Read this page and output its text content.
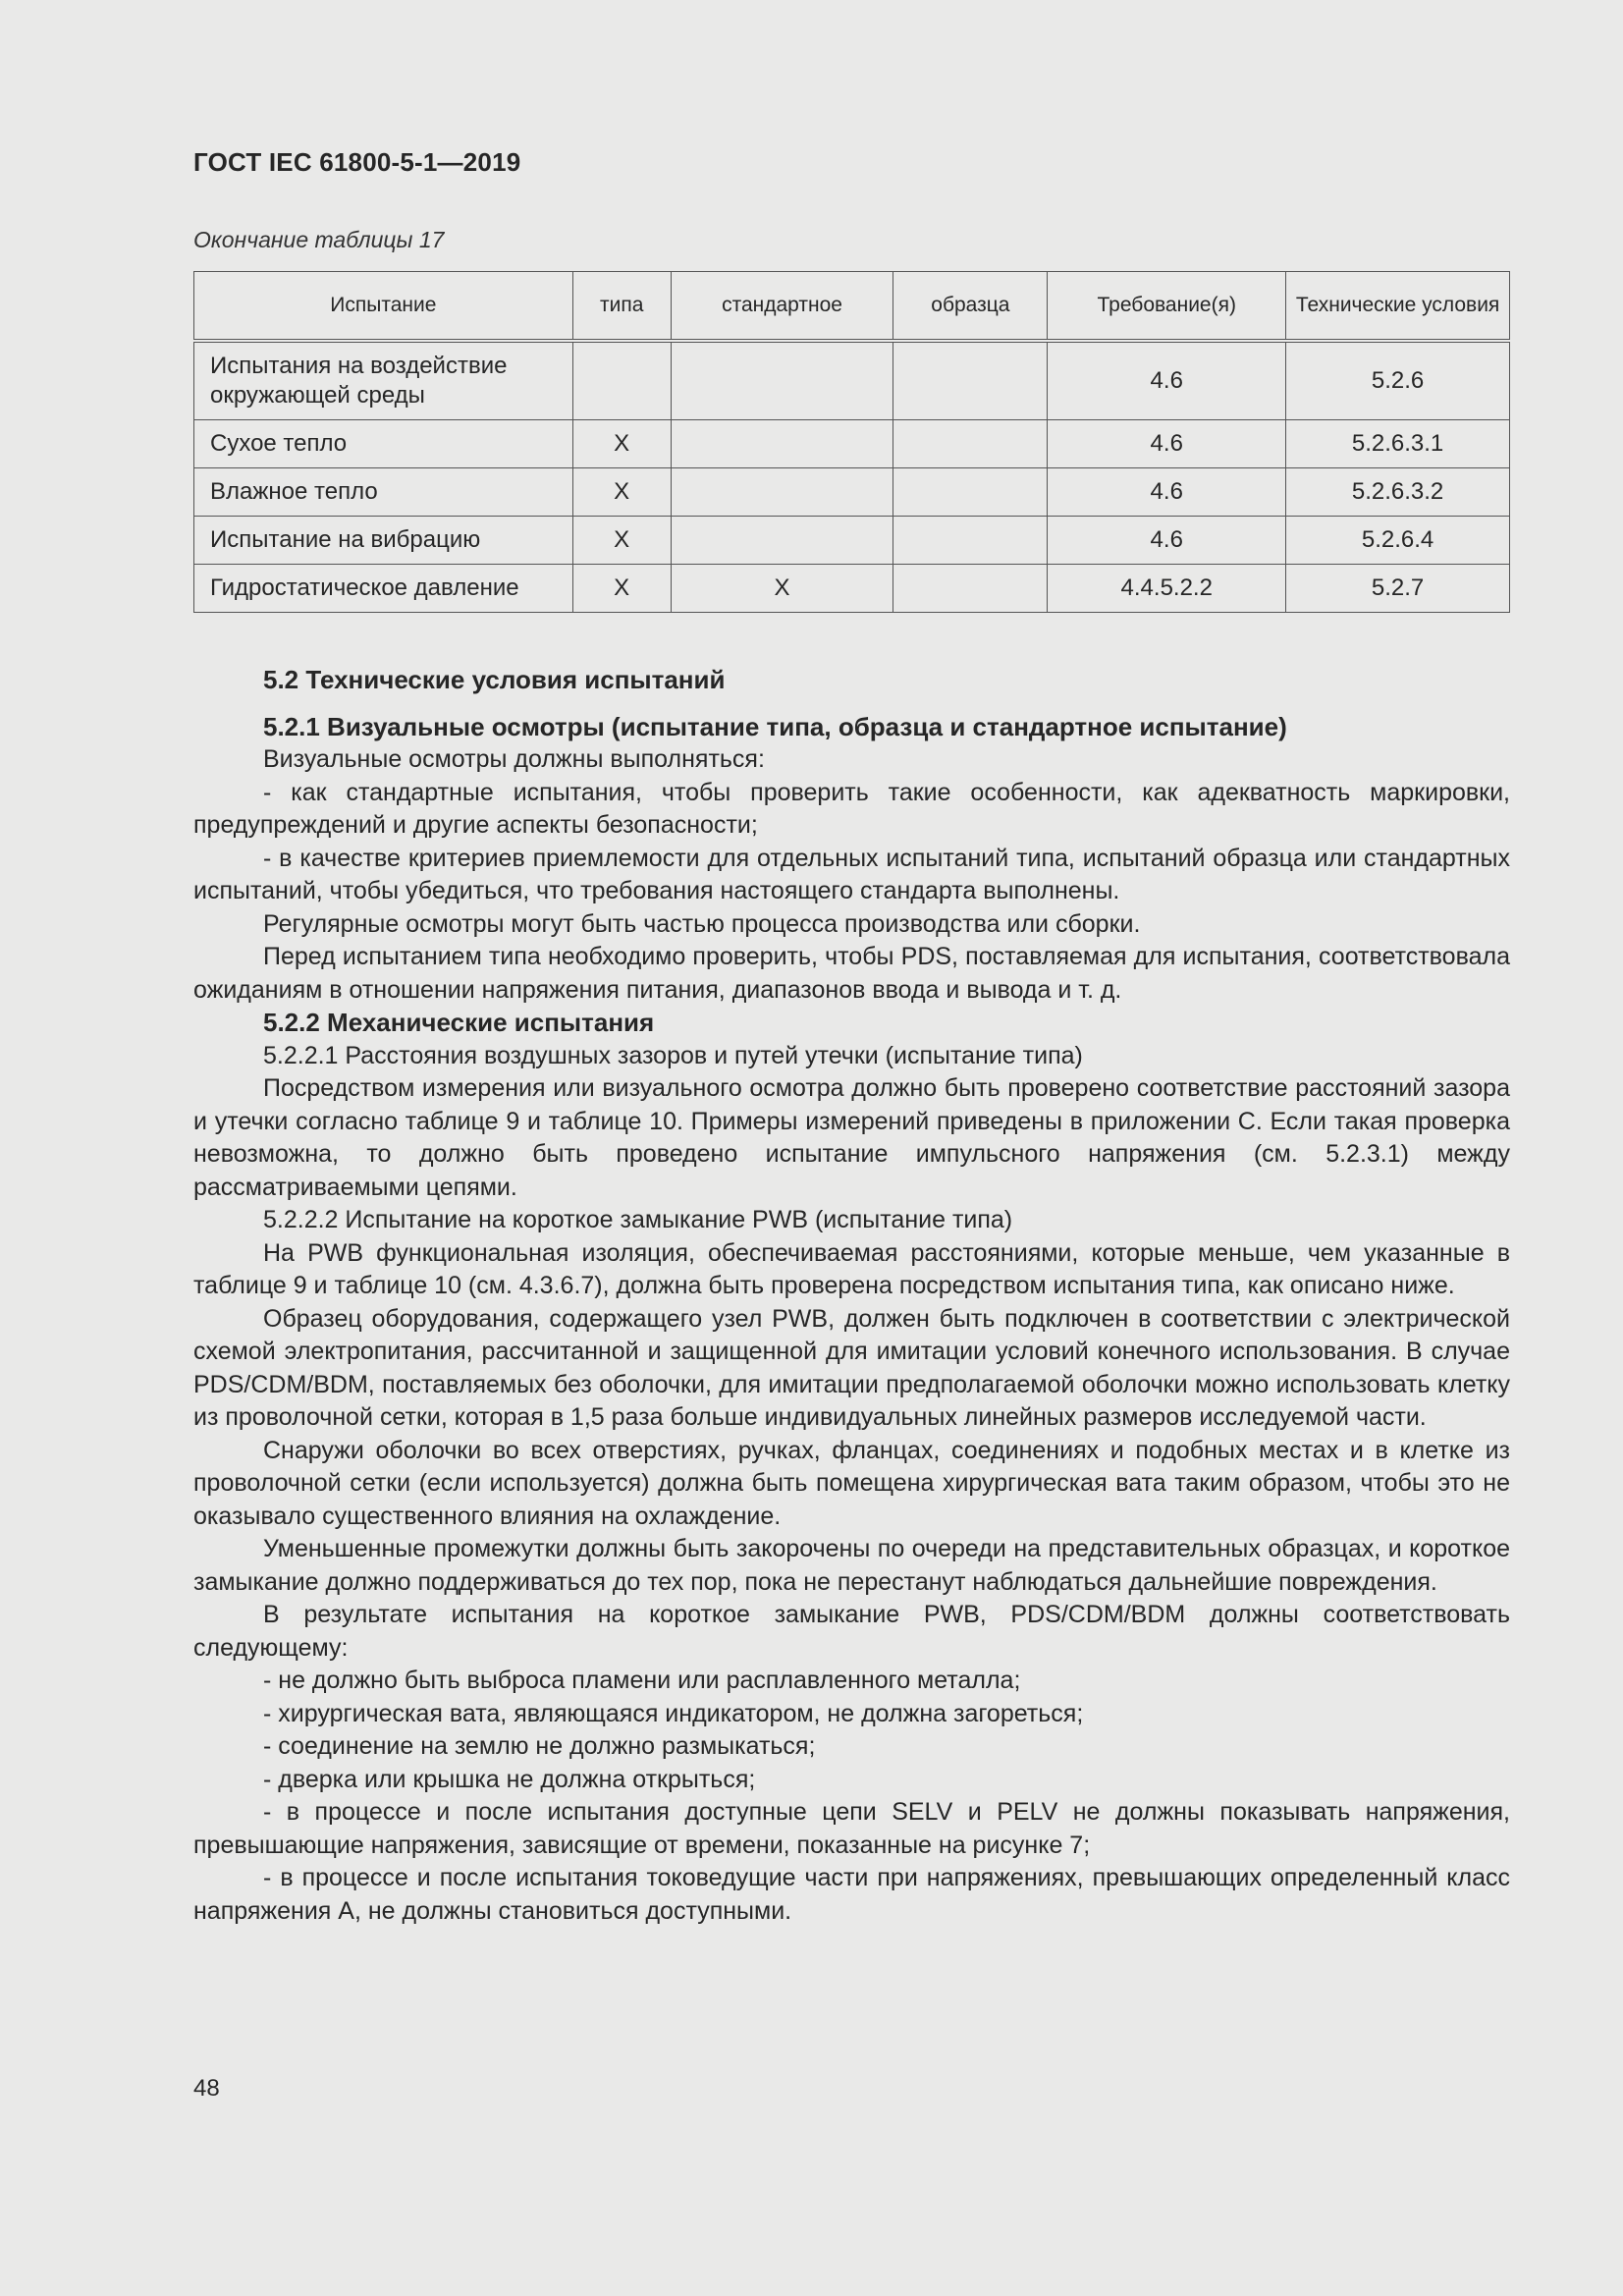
ГОСТ IEC 61800-5-1—2019
Окончание таблицы 17
Испытание	типа	стандартное	образца	Требование(я)	Технические условия
Испытания на воздействие окружающей среды				4.6	5.2.6
Сухое тепло	X			4.6	5.2.6.3.1
Влажное тепло	X			4.6	5.2.6.3.2
Испытание на вибрацию	X			4.6	5.2.6.4
Гидростатическое давление	X	X		4.4.5.2.2	5.2.7

5.2 Технические условия испытаний

5.2.1 Визуальные осмотры (испытание типа, образца и стандартное испытание)

Визуальные осмотры должны выполняться:

- как стандартные испытания, чтобы проверить такие особенности, как адекватность маркировки, предупреждений и другие аспекты безопасности;

- в качестве критериев приемлемости для отдельных испытаний типа, испытаний образца или стандартных испытаний, чтобы убедиться, что требования настоящего стандарта выполнены.

Регулярные осмотры могут быть частью процесса производства или сборки.

Перед испытанием типа необходимо проверить, чтобы PDS, поставляемая для испытания, соответствовала ожиданиям в отношении напряжения питания, диапазонов ввода и вывода и т. д.

5.2.2 Механические испытания

5.2.2.1 Расстояния воздушных зазоров и путей утечки (испытание типа)

Посредством измерения или визуального осмотра должно быть проверено соответствие расстояний зазора и утечки согласно таблице 9 и таблице 10. Примеры измерений приведены в приложении С. Если такая проверка невозможна, то должно быть проведено испытание импульсного напряжения (см. 5.2.3.1) между рассматриваемыми цепями.

5.2.2.2 Испытание на короткое замыкание PWB (испытание типа)

На PWB функциональная изоляция, обеспечиваемая расстояниями, которые меньше, чем указанные в таблице 9 и таблице 10 (см. 4.3.6.7), должна быть проверена посредством испытания типа, как описано ниже.

Образец оборудования, содержащего узел PWB, должен быть подключен в соответствии с электрической схемой электропитания, рассчитанной и защищенной для имитации условий конечного использования. В случае PDS/CDM/BDM, поставляемых без оболочки, для имитации предполагаемой оболочки можно использовать клетку из проволочной сетки, которая в 1,5 раза больше индивидуальных линейных размеров исследуемой части.

Снаружи оболочки во всех отверстиях, ручках, фланцах, соединениях и подобных местах и в клетке из проволочной сетки (если используется) должна быть помещена хирургическая вата таким образом, чтобы это не оказывало существенного влияния на охлаждение.

Уменьшенные промежутки должны быть закорочены по очереди на представительных образцах, и короткое замыкание должно поддерживаться до тех пор, пока не перестанут наблюдаться дальнейшие повреждения.

В результате испытания на короткое замыкание PWB, PDS/CDM/BDM должны соответствовать следующему:

- не должно быть выброса пламени или расплавленного металла;

- хирургическая вата, являющаяся индикатором, не должна загореться;

- соединение на землю не должно размыкаться;

- дверка или крышка не должна открыться;

- в процессе и после испытания доступные цепи SELV и PELV не должны показывать напряжения, превышающие напряжения, зависящие от времени, показанные на рисунке 7;

- в процессе и после испытания токоведущие части при напряжениях, превышающих определенный класс напряжения А, не должны становиться доступными.

48
